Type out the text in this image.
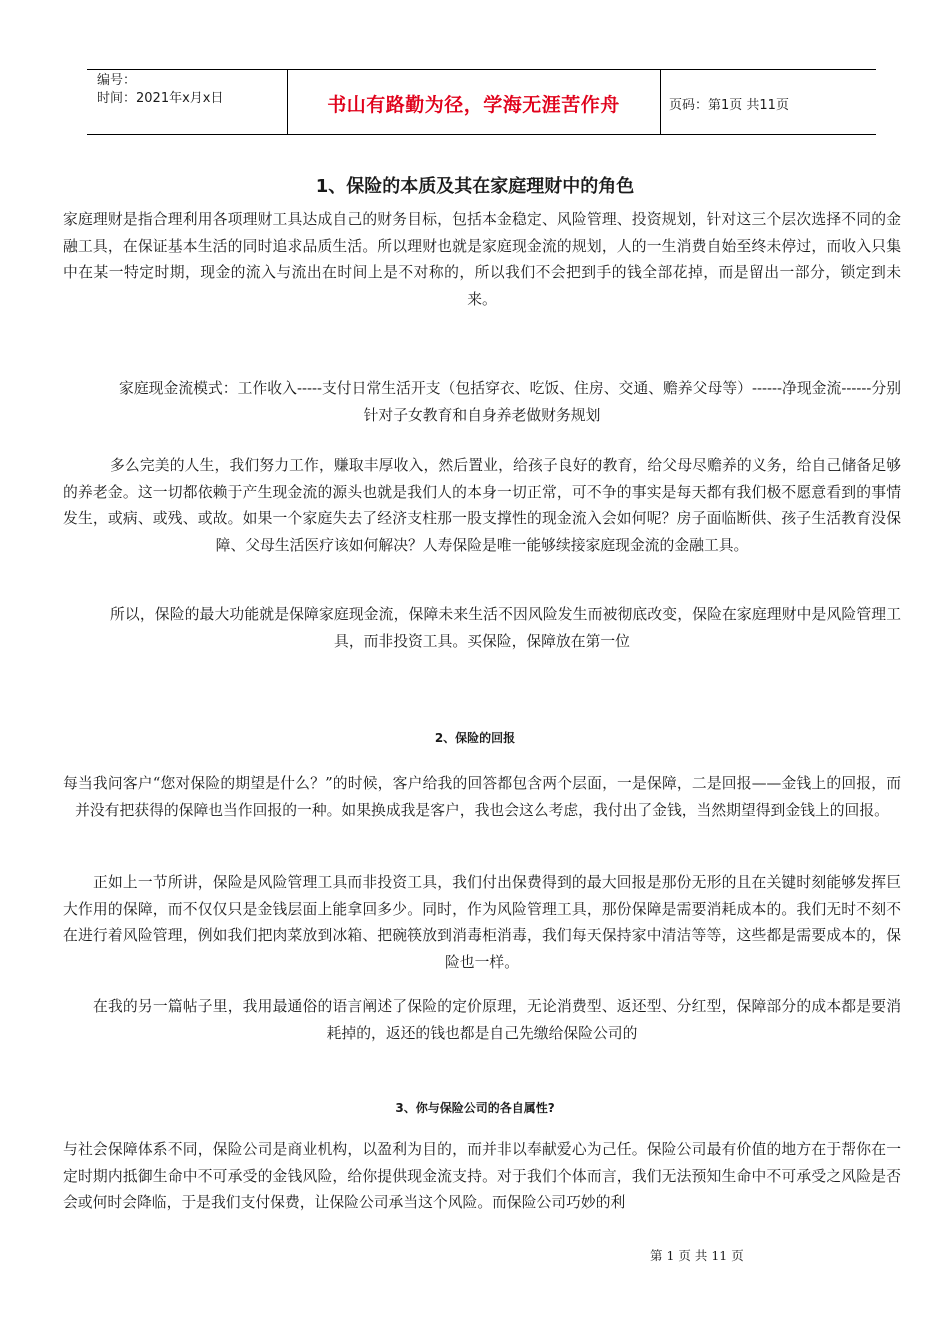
编号：
时间：2021年x月x日	书山有路勤为径，学海无涯苦作舟	页码：第1页 共11页
1、保险的本质及其在家庭理财中的角色

家庭理财是指合理利用各项理财工具达成自己的财务目标，包括本金稳定、风险管理、投资规划，针对这三个层次选择不同的金融工具，在保证基本生活的同时追求品质生活。所以理财也就是家庭现金流的规划，人的一生消费自始至终未停过，而收入只集中在某一特定时期，现金的流入与流出在时间上是不对称的，所以我们不会把到手的钱全部花掉，而是留出一部分，锁定到未来。

家庭现金流模式：工作收入-----支付日常生活开支（包括穿衣、吃饭、住房、交通、赡养父母等）------净现金流------分别针对子女教育和自身养老做财务规划

多么完美的人生，我们努力工作，赚取丰厚收入，然后置业，给孩子良好的教育，给父母尽赡养的义务，给自己储备足够的养老金。这一切都依赖于产生现金流的源头也就是我们人的本身一切正常，可不争的事实是每天都有我们极不愿意看到的事情发生，或病、或残、或故。如果一个家庭失去了经济支柱那一股支撑性的现金流入会如何呢？房子面临断供、孩子生活教育没保障、父母生活医疗该如何解决？人寿保险是唯一能够续接家庭现金流的金融工具。

所以，保险的最大功能就是保障家庭现金流，保障未来生活不因风险发生而被彻底改变，保险在家庭理财中是风险管理工具，而非投资工具。买保险，保障放在第一位

2、保险的回报

每当我问客户“您对保险的期望是什么？”的时候，客户给我的回答都包含两个层面，一是保障，二是回报——金钱上的回报，而并没有把获得的保障也当作回报的一种。如果换成我是客户，我也会这么考虑，我付出了金钱，当然期望得到金钱上的回报。

正如上一节所讲，保险是风险管理工具而非投资工具，我们付出保费得到的最大回报是那份无形的且在关键时刻能够发挥巨大作用的保障，而不仅仅只是金钱层面上能拿回多少。同时，作为风险管理工具，那份保障是需要消耗成本的。我们无时不刻不在进行着风险管理，例如我们把肉菜放到冰箱、把碗筷放到消毒柜消毒，我们每天保持家中清洁等等，这些都是需要成本的，保险也一样。

在我的另一篇帖子里，我用最通俗的语言阐述了保险的定价原理，无论消费型、返还型、分红型，保障部分的成本都是要消耗掉的，返还的钱也都是自己先缴给保险公司的

3、你与保险公司的各自属性?

与社会保障体系不同，保险公司是商业机构，以盈利为目的，而并非以奉献爱心为己任。保险公司最有价值的地方在于帮你在一定时期内抵御生命中不可承受的金钱风险，给你提供现金流支持。对于我们个体而言，我们无法预知生命中不可承受之风险是否会或何时会降临，于是我们支付保费，让保险公司承当这个风险。而保险公司巧妙的利

第 1 页 共 11 页
